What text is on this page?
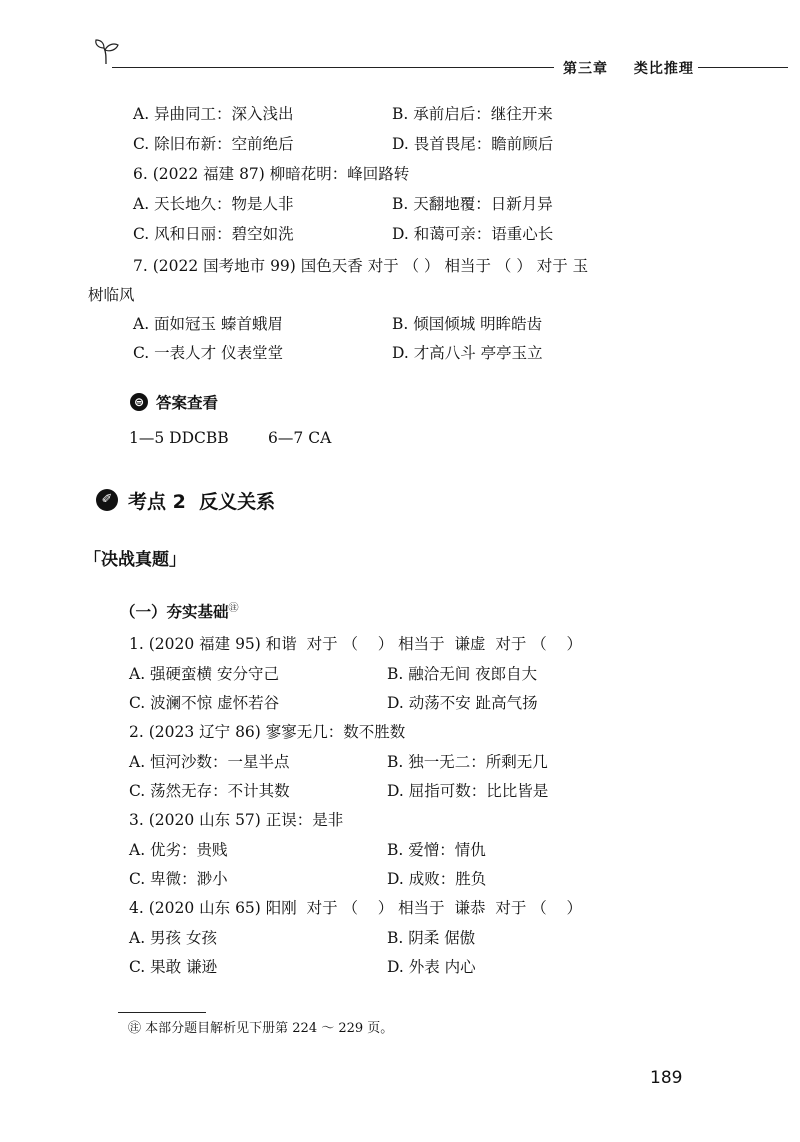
第三章 类比推理
A. 异曲同工：深入浅出	B. 承前启后：继往开来
C. 除旧布新：空前绝后	D. 畏首畏尾：瞻前顾后
6. (2022 福建 87) 柳暗花明：峰回路转
A. 天长地久：物是人非	B. 天翻地覆：日新月异
C. 风和日丽：碧空如洗	D. 和蔼可亲：语重心长
7. (2022 国考地市 99) 国色天香 对于 （ ） 相当于 （ ） 对于 玉
树临风
A. 面如冠玉 螓首蛾眉	B. 倾国倾城 明眸皓齿
C. 一表人才 仪表堂堂	D. 才高八斗 亭亭玉立
⊜ 答案查看
1—5 DDCBB        6—7 CA
✐ 考点 2  反义关系
「决战真题」
（一）夯实基础㊟
1. (2020 福建 95) 和谐  对于 （    ） 相当于  谦虚  对于 （    ）
A. 强硬蛮横 安分守己	B. 融洽无间 夜郎自大
C. 波澜不惊 虚怀若谷	D. 动荡不安 趾高气扬
2. (2023 辽宁 86) 寥寥无几：数不胜数
A. 恒河沙数：一星半点	B. 独一无二：所剩无几
C. 荡然无存：不计其数	D. 屈指可数：比比皆是
3. (2020 山东 57) 正误：是非
A. 优劣：贵贱	B. 爱憎：情仇
C. 卑微：渺小	D. 成败：胜负
4. (2020 山东 65) 阳刚  对于 （    ） 相当于  谦恭  对于 （    ）
A. 男孩 女孩	B. 阴柔 倨傲
C. 果敢 谦逊	D. 外表 内心
㊟ 本部分题目解析见下册第 224 ～ 229 页。
189
